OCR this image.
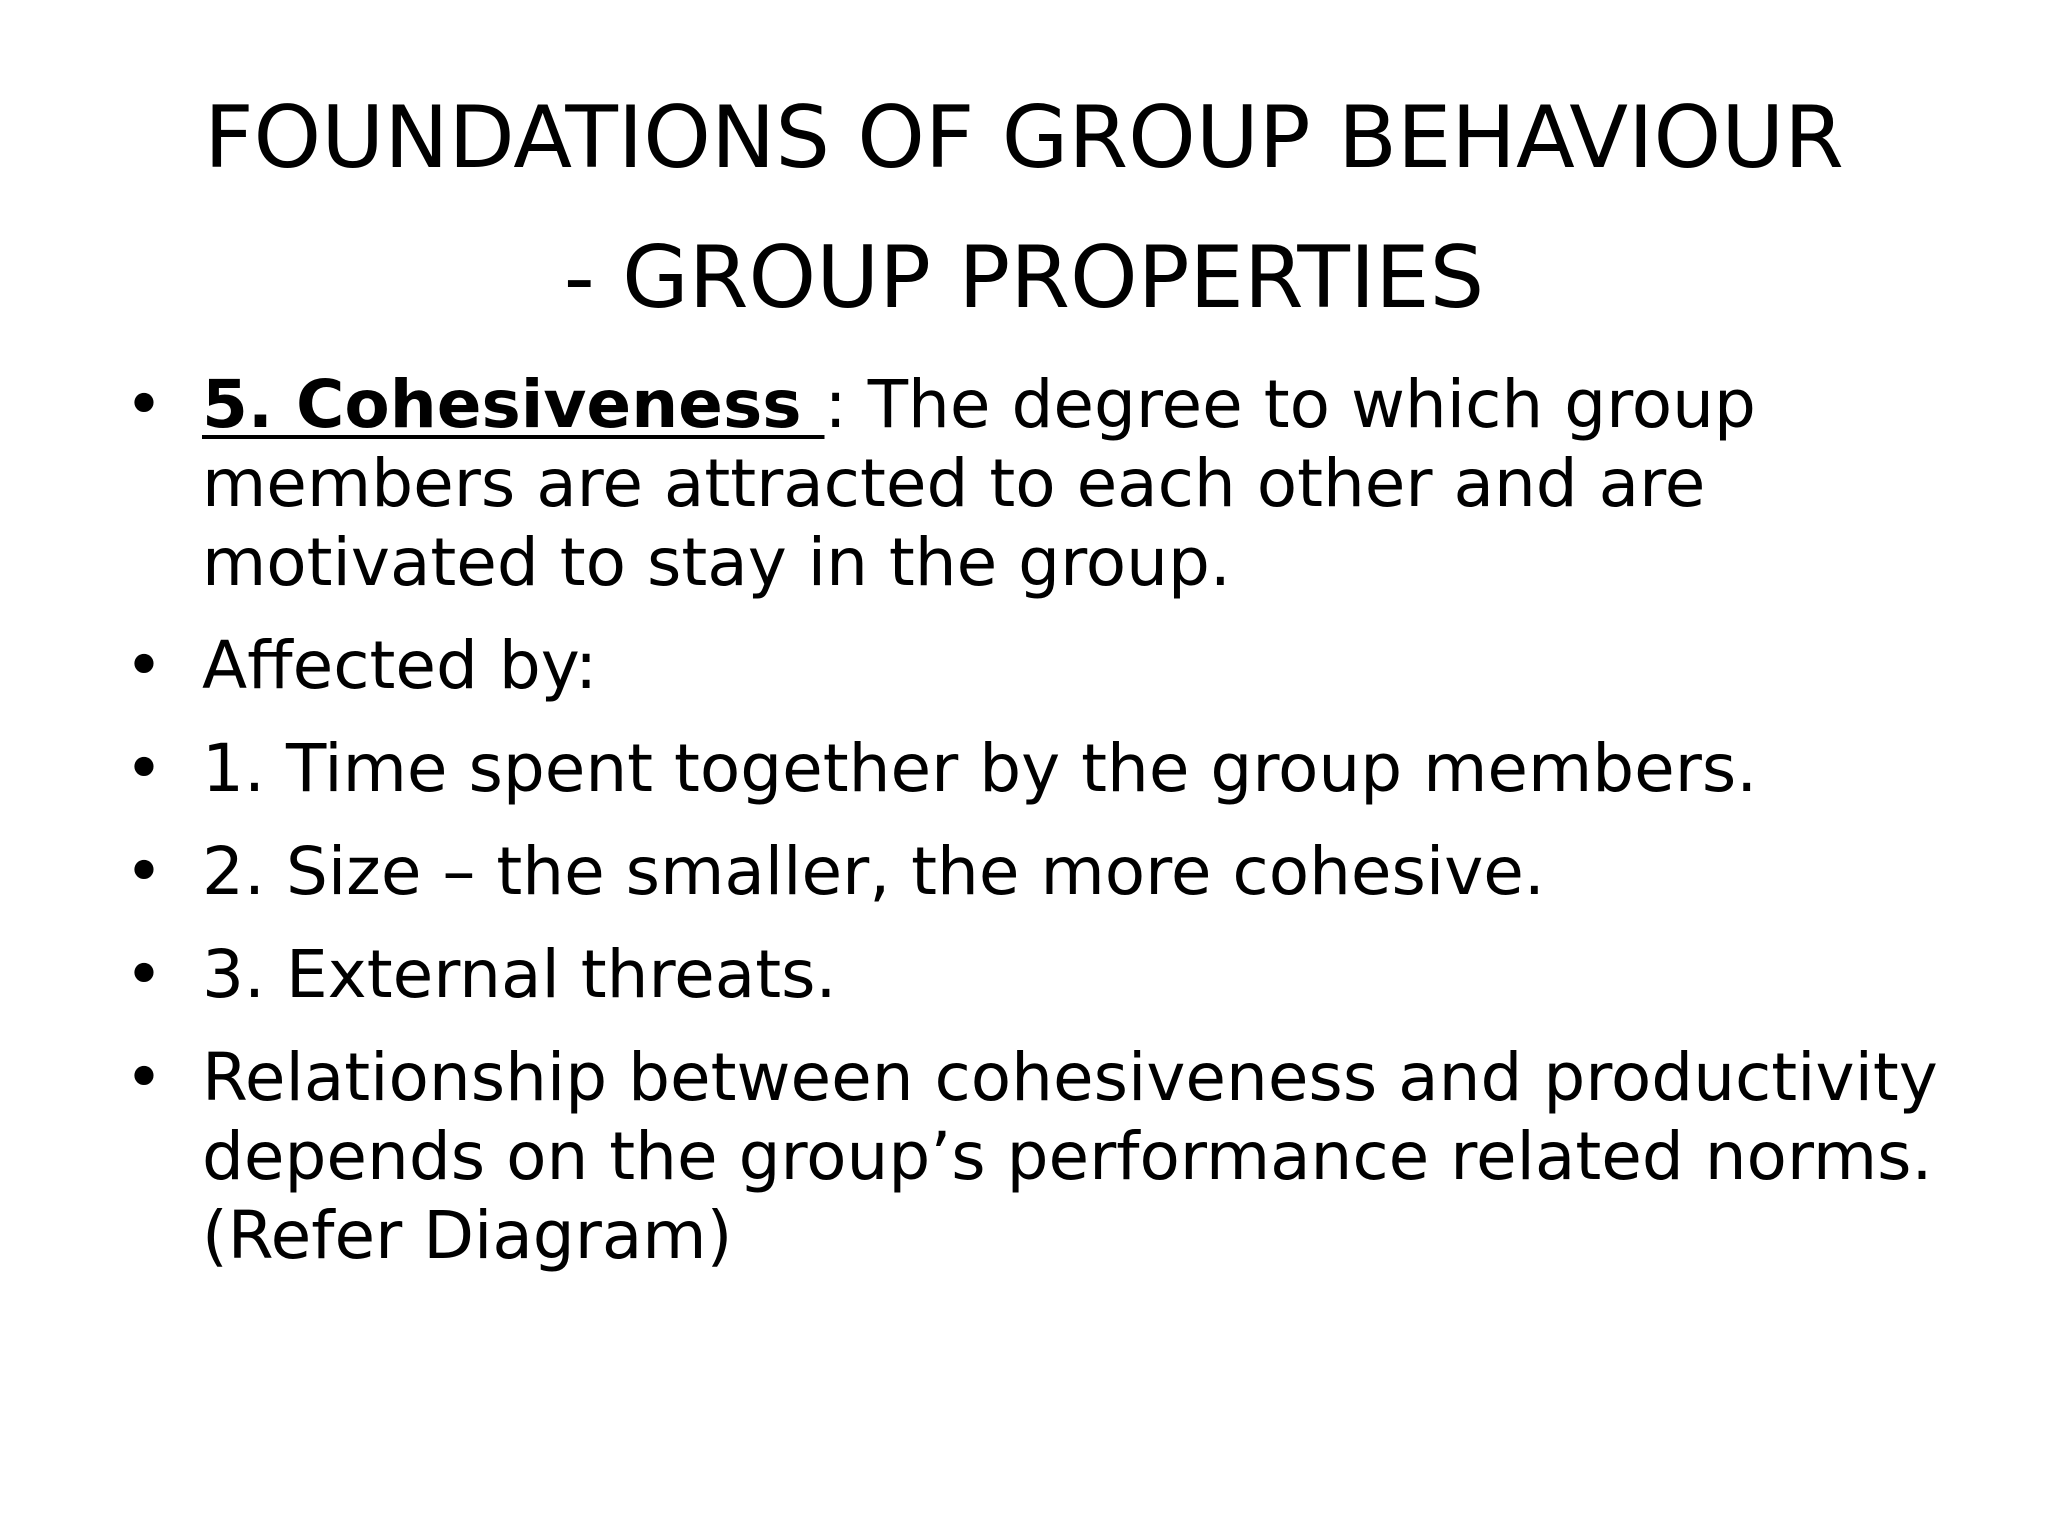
FOUNDATIONS OF GROUP BEHAVIOUR
- GROUP PROPERTIES
• 5. Cohesiveness : The degree to which group members are attracted to each other and are motivated to stay in the group.
• Affected by:
• 1. Time spent together by the group members.
• 2. Size – the smaller, the more cohesive.
• 3. External threats.
• Relationship between cohesiveness and productivity depends on the group’s performance related norms. (Refer Diagram)
